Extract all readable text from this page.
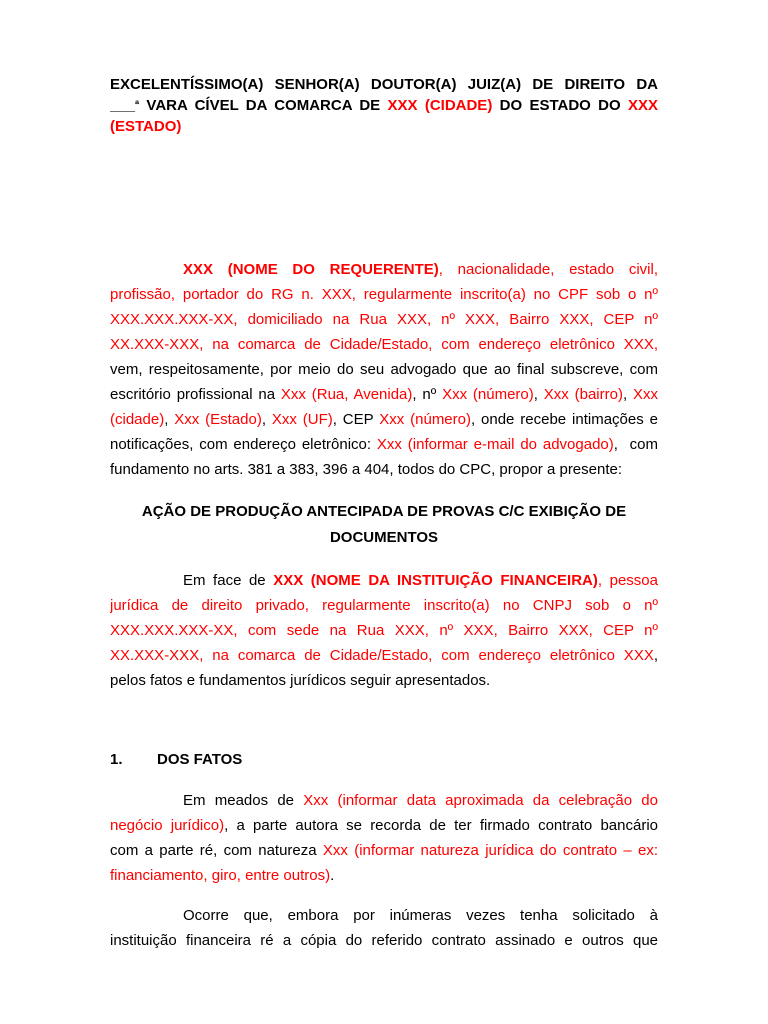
EXCELENTÍSSIMO(A) SENHOR(A) DOUTOR(A) JUIZ(A) DE DIREITO DA
___$^ª$ VARA CÍVEL DA COMARCA DE XXX (CIDADE) DO ESTADO DO XXX
(ESTADO)
XXX (NOME DO REQUERENTE), nacionalidade, estado civil,
profissão, portador do RG n. XXX, regularmente inscrito(a) no CPF sob o nº
XXX.XXX.XXX-XX, domiciliado na Rua XXX, nº XXX, Bairro XXX, CEP nº
XX.XXX-XXX, na comarca de Cidade/Estado, com endereço eletrônico XXX,
vem, respeitosamente, por meio do seu advogado que ao final subscreve, com
escritório profissional na Xxx (Rua, Avenida), nº Xxx (número), Xxx (bairro), Xxx
(cidade), Xxx (Estado), Xxx (UF), CEP Xxx (número), onde recebe intimações e
notificações, com endereço eletrônico: Xxx (informar e-mail do advogado),  com
fundamento no arts. 381 a 383, 396 a 404, todos do CPC, propor a presente:
AÇÃO DE PRODUÇÃO ANTECIPADA DE PROVAS C/C EXIBIÇÃO DE
DOCUMENTOS
Em face de XXX (NOME DA INSTITUIÇÃO FINANCEIRA), pessoa
jurídica de direito privado, regularmente inscrito(a) no CNPJ sob o nº
XXX.XXX.XXX-XX, com sede na Rua XXX, nº XXX, Bairro XXX, CEP nº
XX.XXX-XXX, na comarca de Cidade/Estado, com endereço eletrônico XXX,
pelos fatos e fundamentos jurídicos seguir apresentados.
1. DOS FATOS
Em meados de Xxx (informar data aproximada da celebração do
negócio jurídico), a parte autora se recorda de ter firmado contrato bancário
com a parte ré, com natureza Xxx (informar natureza jurídica do contrato – ex:
financiamento, giro, entre outros).
Ocorre que, embora por inúmeras vezes tenha solicitado à
instituição financeira ré a cópia do referido contrato assinado e outros que
